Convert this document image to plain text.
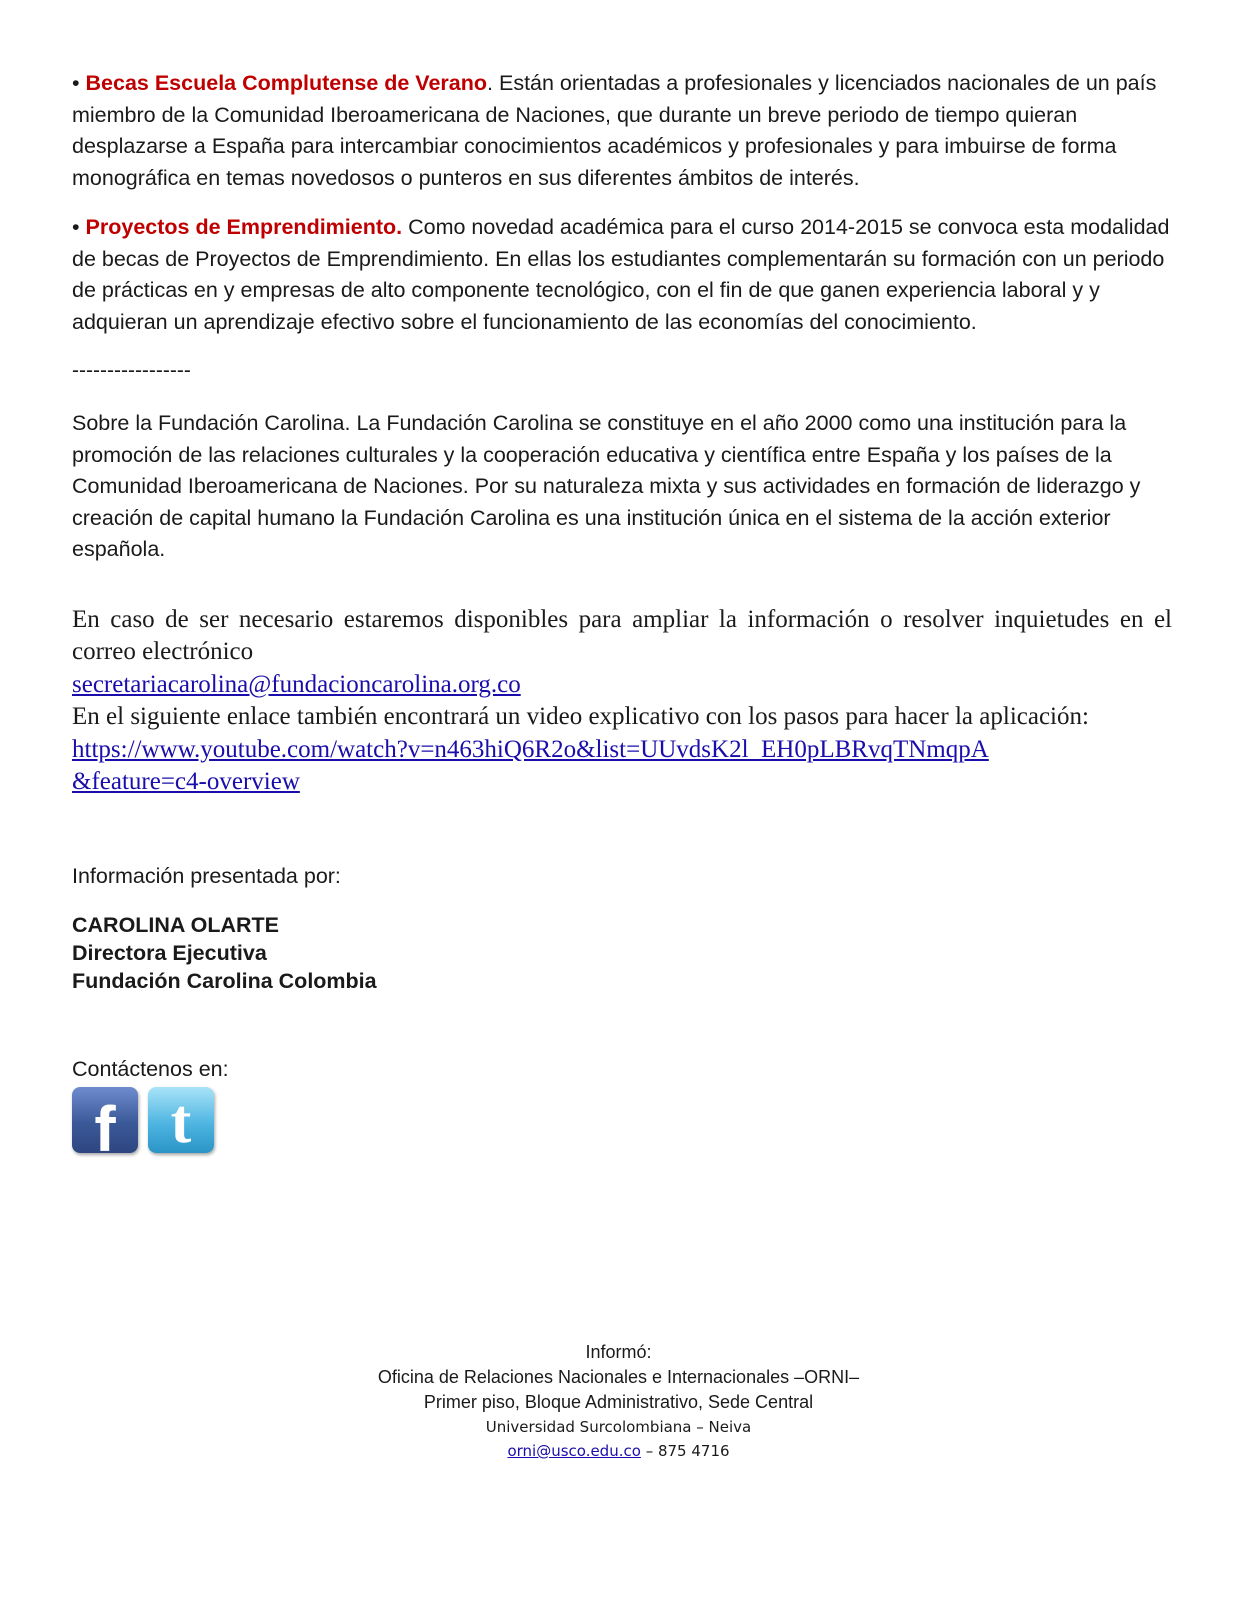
• Becas Escuela Complutense de Verano. Están orientadas a profesionales y licenciados nacionales de un país miembro de la Comunidad Iberoamericana de Naciones, que durante un breve periodo de tiempo quieran desplazarse a España para intercambiar conocimientos académicos y profesionales y para imbuirse de forma monográfica en temas novedosos o punteros en sus diferentes ámbitos de interés.

• Proyectos de Emprendimiento. Como novedad académica para el curso 2014-2015 se convoca esta modalidad de becas de Proyectos de Emprendimiento. En ellas los estudiantes complementarán su formación con un periodo de prácticas en y empresas de alto componente tecnológico, con el fin de que ganen experiencia laboral y y adquieran un aprendizaje efectivo sobre el funcionamiento de las economías del conocimiento.

-----------------

Sobre la Fundación Carolina. La Fundación Carolina se constituye en el año 2000 como una institución para la promoción de las relaciones culturales y la cooperación educativa y científica entre España y los países de la Comunidad Iberoamericana de Naciones. Por su naturaleza mixta y sus actividades en formación de liderazgo y creación de capital humano la Fundación Carolina es una institución única en el sistema de la acción exterior española.

En caso de ser necesario estaremos disponibles para ampliar la información o resolver inquietudes en el correo electrónico
secretariacarolina@fundacioncarolina.org.co
En el siguiente enlace también encontrará un video explicativo con los pasos para hacer la aplicación:
https://www.youtube.com/watch?v=n463hiQ6R2o&list=UUvdsK2l_EH0pLBRvqTNmqpA
&feature=c4-overview

Información presentada por:

CAROLINA OLARTE

Directora Ejecutiva

Fundación Carolina Colombia

Contáctenos en:

f t
Informó:
Oficina de Relaciones Nacionales e Internacionales –ORNI–
Primer piso, Bloque Administrativo, Sede Central
Universidad Surcolombiana – Neiva
orni@usco.edu.co – 875 4716
